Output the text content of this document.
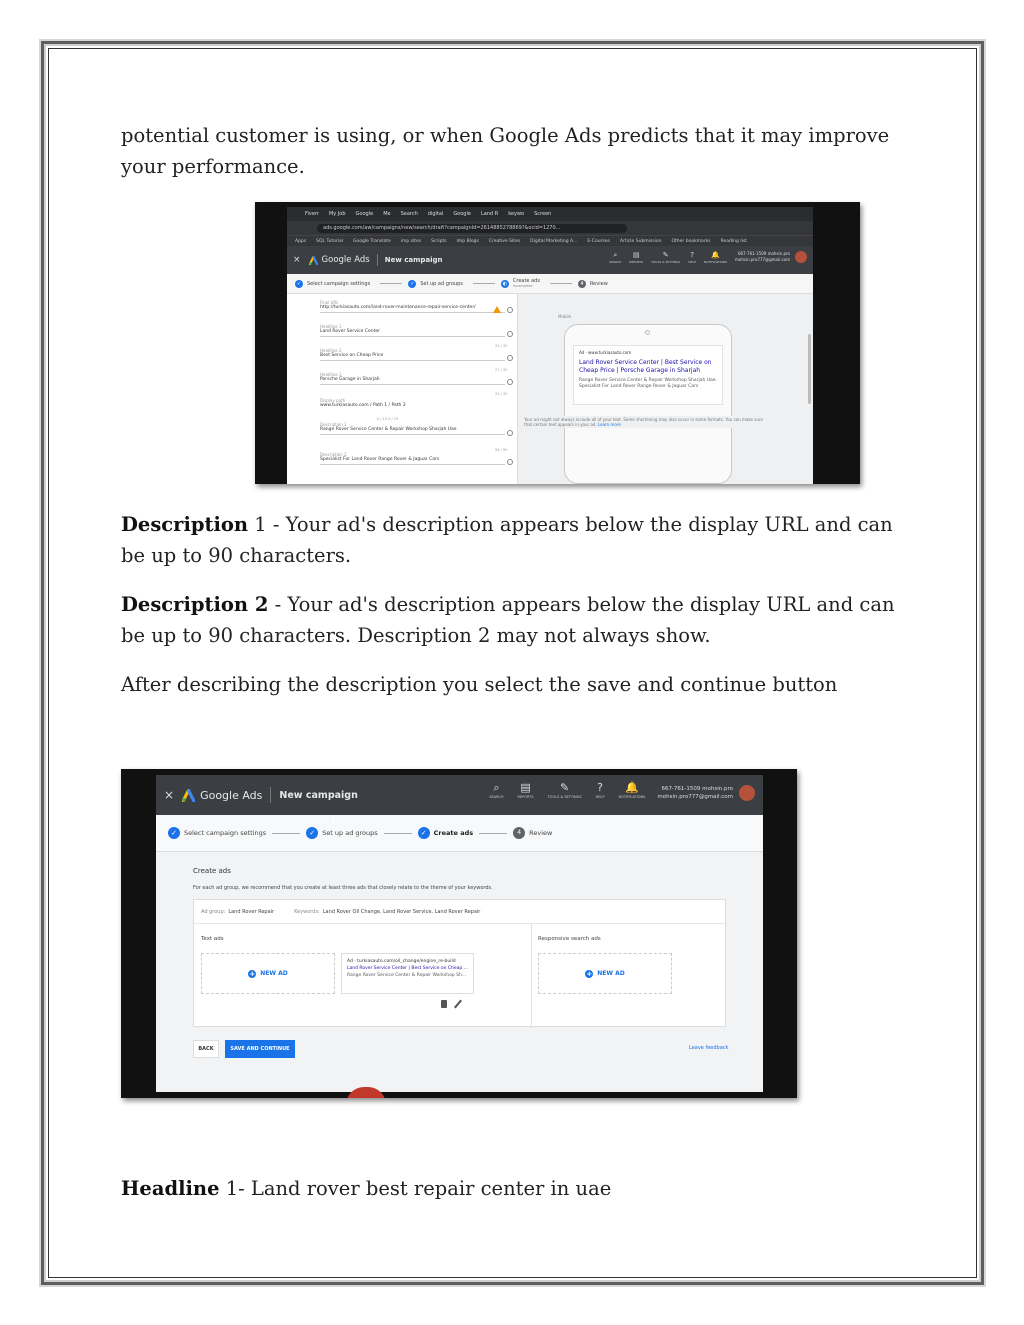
potential customer is using, or when Google Ads predicts that it may improve your performance.

Fiverr My Job Google Me Search digital Google Land R keywo Screen
ads.google.com/aw/campaigns/new/search/draft?campaignId=2614885278869?&ocid=1270...
Apps SQL Tutorial Google Translate imp sites Scripts Imp Blogs Creative Sites Digital Marketing A... E-Courses Article Submission Other bookmarks Reading list
× Google Ads New campaign
⌕
SEARCH
▤
REPORTS
✎
TOOLS & SETTINGS
?
HELP
🔔
NOTIFICATIONS
667-761-1509 mohsin.pro
mohsin.pro777@gmail.com
✓	Select campaign settings	✓	Set up ad groups	◐	Create ads
Incomplete	4	Review
Final URL
http://turkiasauto.com/land-rover-maintenance-repair-service-center/
Headline 1
Land Rover Service Center
25 / 30
Headline 2
Best Service on Cheap Price
27 / 30
Headline 3
Porsche Garage in Sharjah
25 / 30
Display path
www.turkiasauto.com / Path 1 / Path 2
0 / 15 0 / 15
Description 1
Range Rover Service Center & Repair Workshop Sharjah Uae
56 / 90
Description 2
Specialist For Land Rover Range Rover & Jaguar Cars
Mobile
Ad · www.turkiasauto.com
Land Rover Service Center | Best Service on Cheap Price | Porsche Garage in Sharjah
Range Rover Service Center & Repair Workshop Sharjah Uae. Specialist For Land Rover Range Rover & Jaguar Cars
Your ad might not always include all of your text. Some shortening may also occur in some formats. You can make sure that certain text appears in your ad. Learn more

Description 1 - Your ad's description appears below the display URL and can be up to 90 characters.

Description 2 - Your ad's description appears below the display URL and can be up to 90 characters. Description 2 may not always show.

After describing the description you select the save and continue button

× Google Ads New campaign
⌕
SEARCH
▤
REPORTS
✎
TOOLS & SETTINGS
?
HELP
🔔
NOTIFICATIONS
667-761-1509 mohsin.pro
mohsin.pro777@gmail.com
✓	Select campaign settings	✓	Set up ad groups	✓	Create ads	4	Review
Create ads
For each ad group, we recommend that you create at least three ads that closely relate to the theme of your keywords.
Ad group: Land Rover Repair	Keywords: Land Rover Oil Change, Land Rover Service, Land Rover Repair
Text ads	Responsive search ads
+ NEW AD
Ad · turkiasauto.com/oil_change/engine_re-build
Land Rover Service Center | Best Service on Cheap ...
Range Rover Service Center & Repair Workshop Sh...	+ NEW AD
BACK	SAVE AND CONTINUE	Leave feedback

Headline 1- Land rover best repair center in uae
